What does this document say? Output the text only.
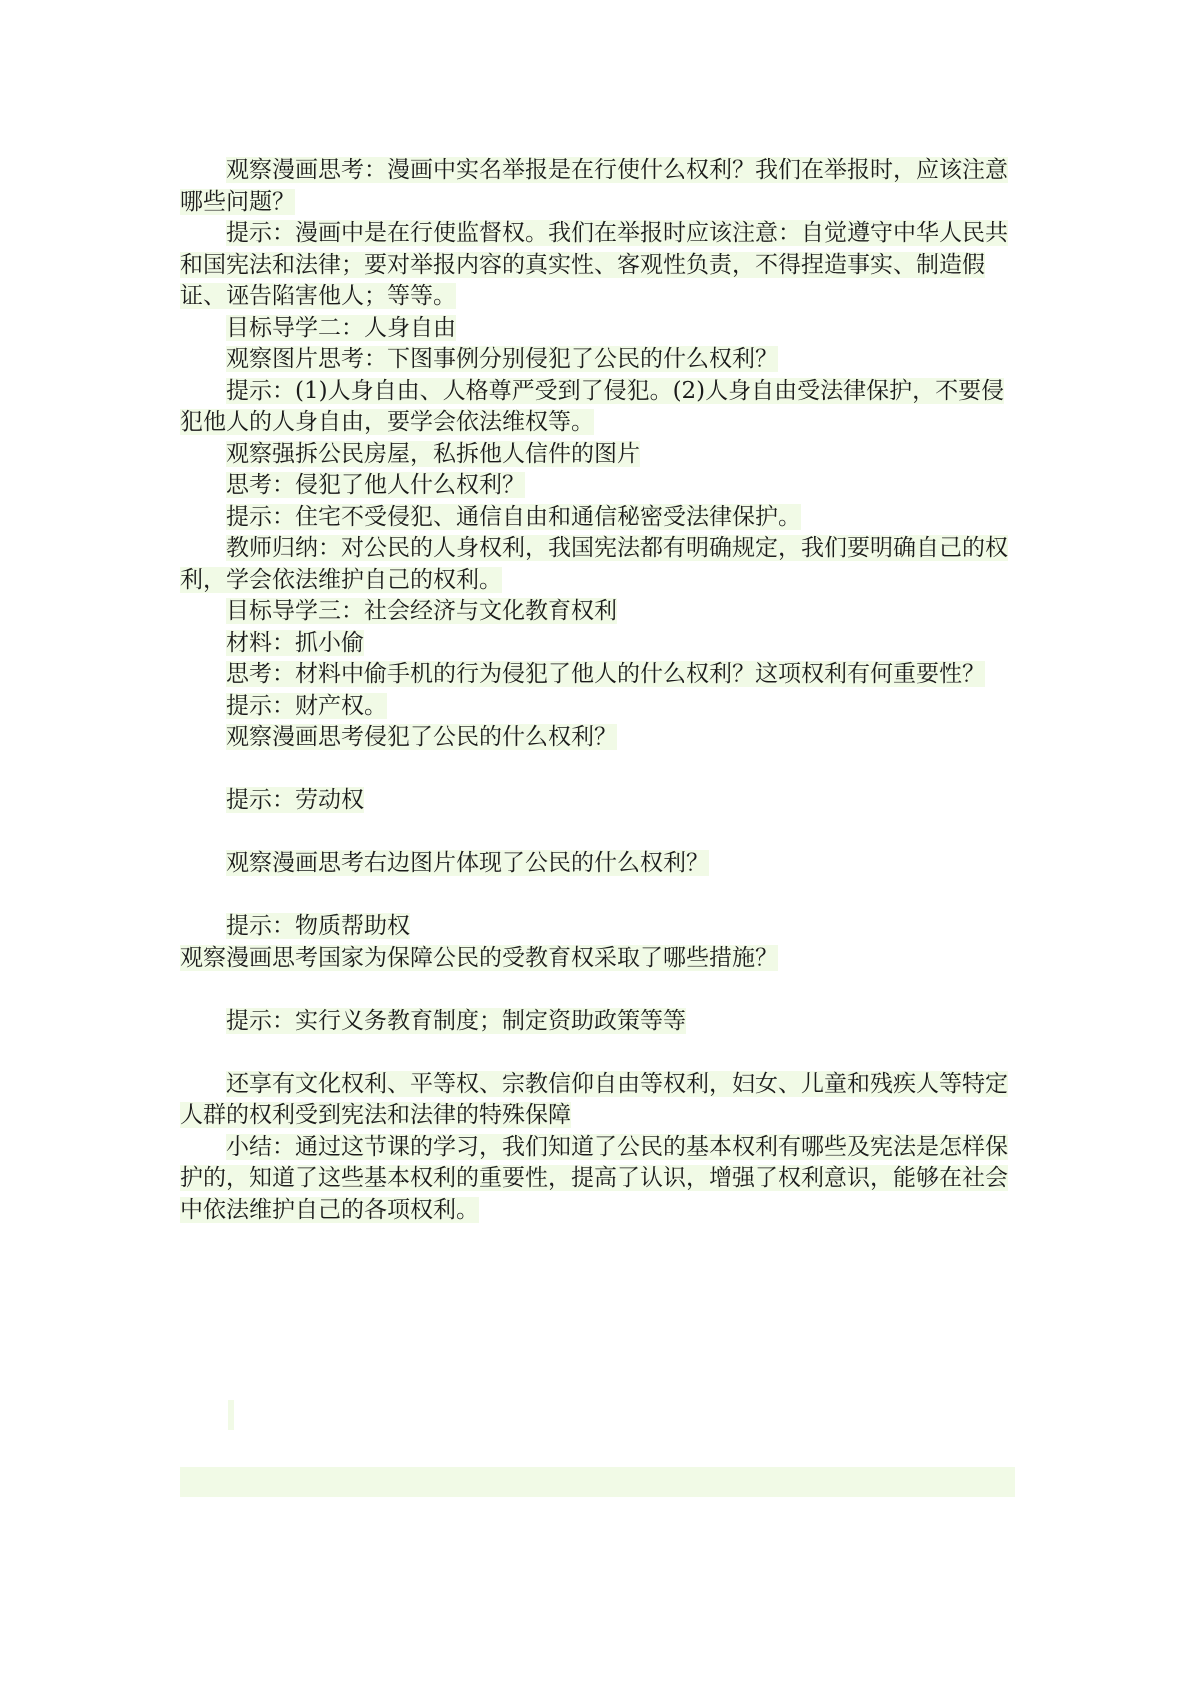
观察漫画思考：漫画中实名举报是在行使什么权利？我们在举报时，应该注意哪些问题？

提示：漫画中是在行使监督权。我们在举报时应该注意：自觉遵守中华人民共和国宪法和法律；要对举报内容的真实性、客观性负责，不得捏造事实、制造假证、诬告陷害他人；等等。

目标导学二：人身自由

观察图片思考：下图事例分别侵犯了公民的什么权利？

提示：(1)人身自由、人格尊严受到了侵犯。(2)人身自由受法律保护，不要侵犯他人的人身自由，要学会依法维权等。

观察强拆公民房屋，私拆他人信件的图片

思考：侵犯了他人什么权利？

提示：住宅不受侵犯、通信自由和通信秘密受法律保护。

教师归纳：对公民的人身权利，我国宪法都有明确规定，我们要明确自己的权利，学会依法维护自己的权利。

目标导学三：社会经济与文化教育权利

材料：抓小偷

思考：材料中偷手机的行为侵犯了他人的什么权利？这项权利有何重要性？

提示：财产权。

观察漫画思考侵犯了公民的什么权利？

提示：劳动权

观察漫画思考右边图片体现了公民的什么权利？

提示：物质帮助权

观察漫画思考国家为保障公民的受教育权采取了哪些措施？

提示：实行义务教育制度；制定资助政策等等

还享有文化权利、平等权、宗教信仰自由等权利，妇女、儿童和残疾人等特定人群的权利受到宪法和法律的特殊保障

小结：通过这节课的学习，我们知道了公民的基本权利有哪些及宪法是怎样保护的，知道了这些基本权利的重要性，提高了认识，增强了权利意识，能够在社会中依法维护自己的各项权利。
